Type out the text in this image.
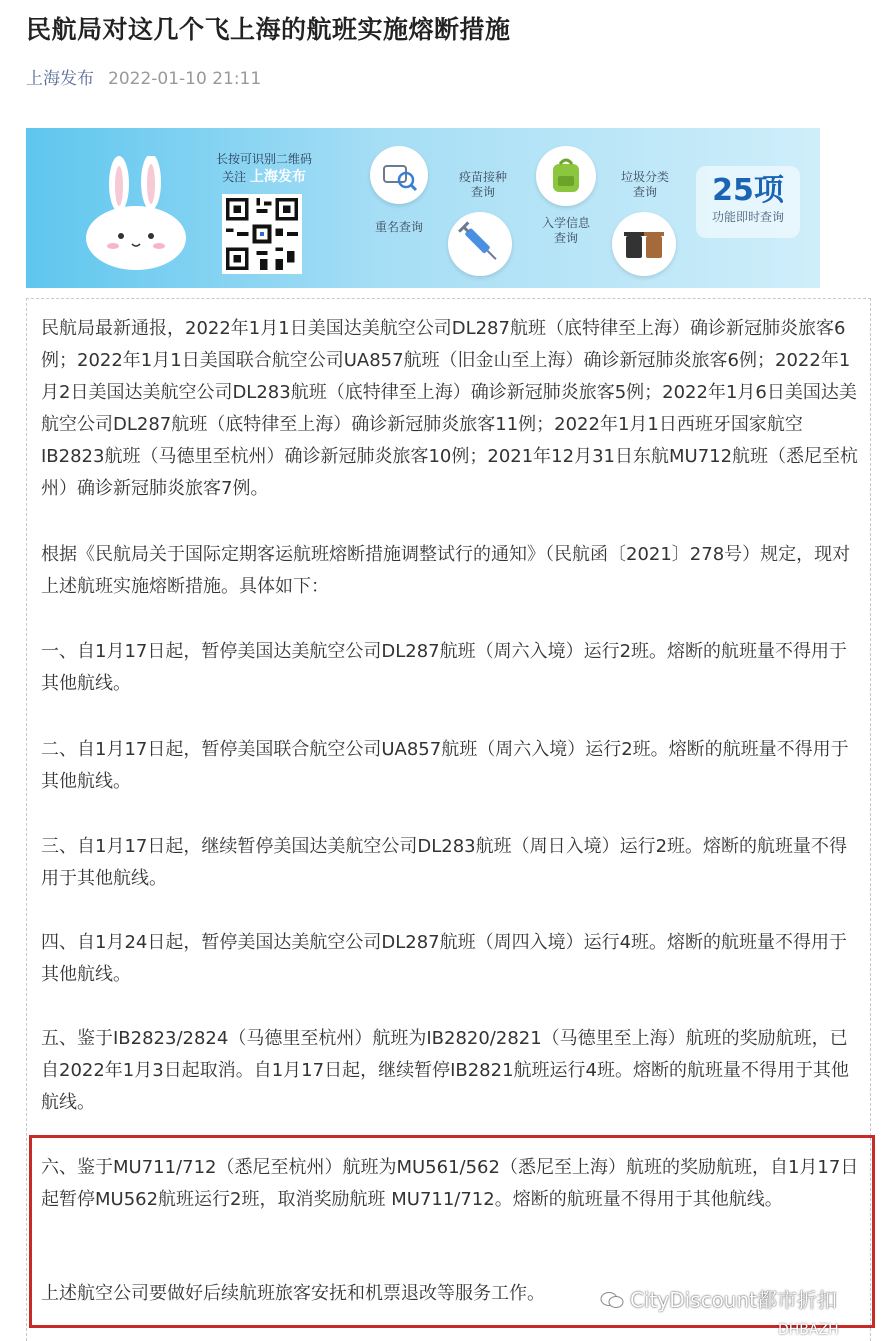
民航局对这几个飞上海的航班实施熔断措施
上海发布 2022-01-10 21:11
长按可识别二维码
关注 上海发布
重名查询
疫苗接种
查询
入学信息
查询
垃圾分类
查询	25项
功能即时查询

民航局最新通报，2022年1月1日美国达美航空公司DL287航班（底特律至上海）确诊新冠肺炎旅客6例；2022年1月1日美国联合航空公司UA857航班（旧金山至上海）确诊新冠肺炎旅客6例；2022年1月2日美国达美航空公司DL283航班（底特律至上海）确诊新冠肺炎旅客5例；2022年1月6日美国达美航空公司DL287航班（底特律至上海）确诊新冠肺炎旅客11例；2022年1月1日西班牙国家航空IB2823航班（马德里至杭州）确诊新冠肺炎旅客10例；2021年12月31日东航MU712航班（悉尼至杭州）确诊新冠肺炎旅客7例。

根据《民航局关于国际定期客运航班熔断措施调整试行的通知》（民航函〔2021〕278号）规定，现对上述航班实施熔断措施。具体如下：

一、自1月17日起，暂停美国达美航空公司DL287航班（周六入境）运行2班。熔断的航班量不得用于其他航线。

二、自1月17日起，暂停美国联合航空公司UA857航班（周六入境）运行2班。熔断的航班量不得用于其他航线。

三、自1月17日起，继续暂停美国达美航空公司DL283航班（周日入境）运行2班。熔断的航班量不得用于其他航线。

四、自1月24日起，暂停美国达美航空公司DL287航班（周四入境）运行4班。熔断的航班量不得用于其他航线。

五、鉴于IB2823/2824（马德里至杭州）航班为IB2820/2821（马德里至上海）航班的奖励航班，已自2022年1月3日起取消。自1月17日起，继续暂停IB2821航班运行4班。熔断的航班量不得用于其他航线。

六、鉴于MU711/712（悉尼至杭州）航班为MU561/562（悉尼至上海）航班的奖励航班，自1月17日起暂停MU562航班运行2班，取消奖励航班 MU711/712。熔断的航班量不得用于其他航线。

上述航空公司要做好后续航班旅客安抚和机票退改等服务工作。	CityDiscount都市折扣
DHBAZH
